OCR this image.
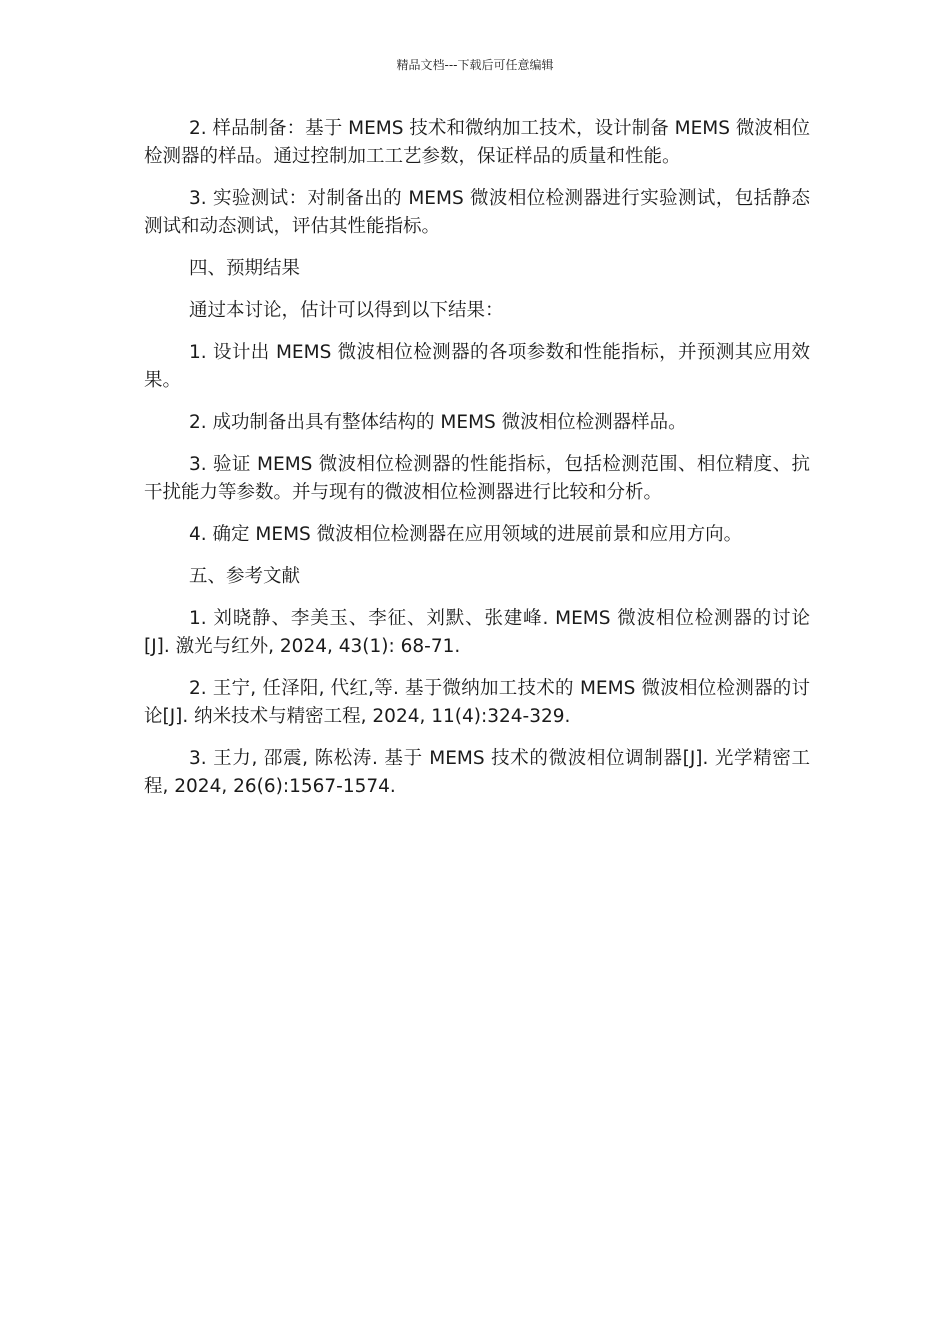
精品文档---下载后可任意编辑

2. 样品制备：基于 MEMS 技术和微纳加工技术，设计制备 MEMS 微波相位检测器的样品。通过控制加工工艺参数，保证样品的质量和性能。

3. 实验测试：对制备出的 MEMS 微波相位检测器进行实验测试，包括静态测试和动态测试，评估其性能指标。

四、预期结果

通过本讨论，估计可以得到以下结果：

1. 设计出 MEMS 微波相位检测器的各项参数和性能指标，并预测其应用效果。

2. 成功制备出具有整体结构的 MEMS 微波相位检测器样品。

3. 验证 MEMS 微波相位检测器的性能指标，包括检测范围、相位精度、抗干扰能力等参数。并与现有的微波相位检测器进行比较和分析。

4. 确定 MEMS 微波相位检测器在应用领域的进展前景和应用方向。

五、参考文献

1. 刘晓静、李美玉、李征、刘默、张建峰. MEMS 微波相位检测器的讨论[J]. 激光与红外, 2024, 43(1): 68-71.

2. 王宁, 任泽阳, 代红,等. 基于微纳加工技术的 MEMS 微波相位检测器的讨论[J]. 纳米技术与精密工程, 2024, 11(4):324-329.

3. 王力, 邵震, 陈松涛. 基于 MEMS 技术的微波相位调制器[J]. 光学精密工程, 2024, 26(6):1567-1574.
